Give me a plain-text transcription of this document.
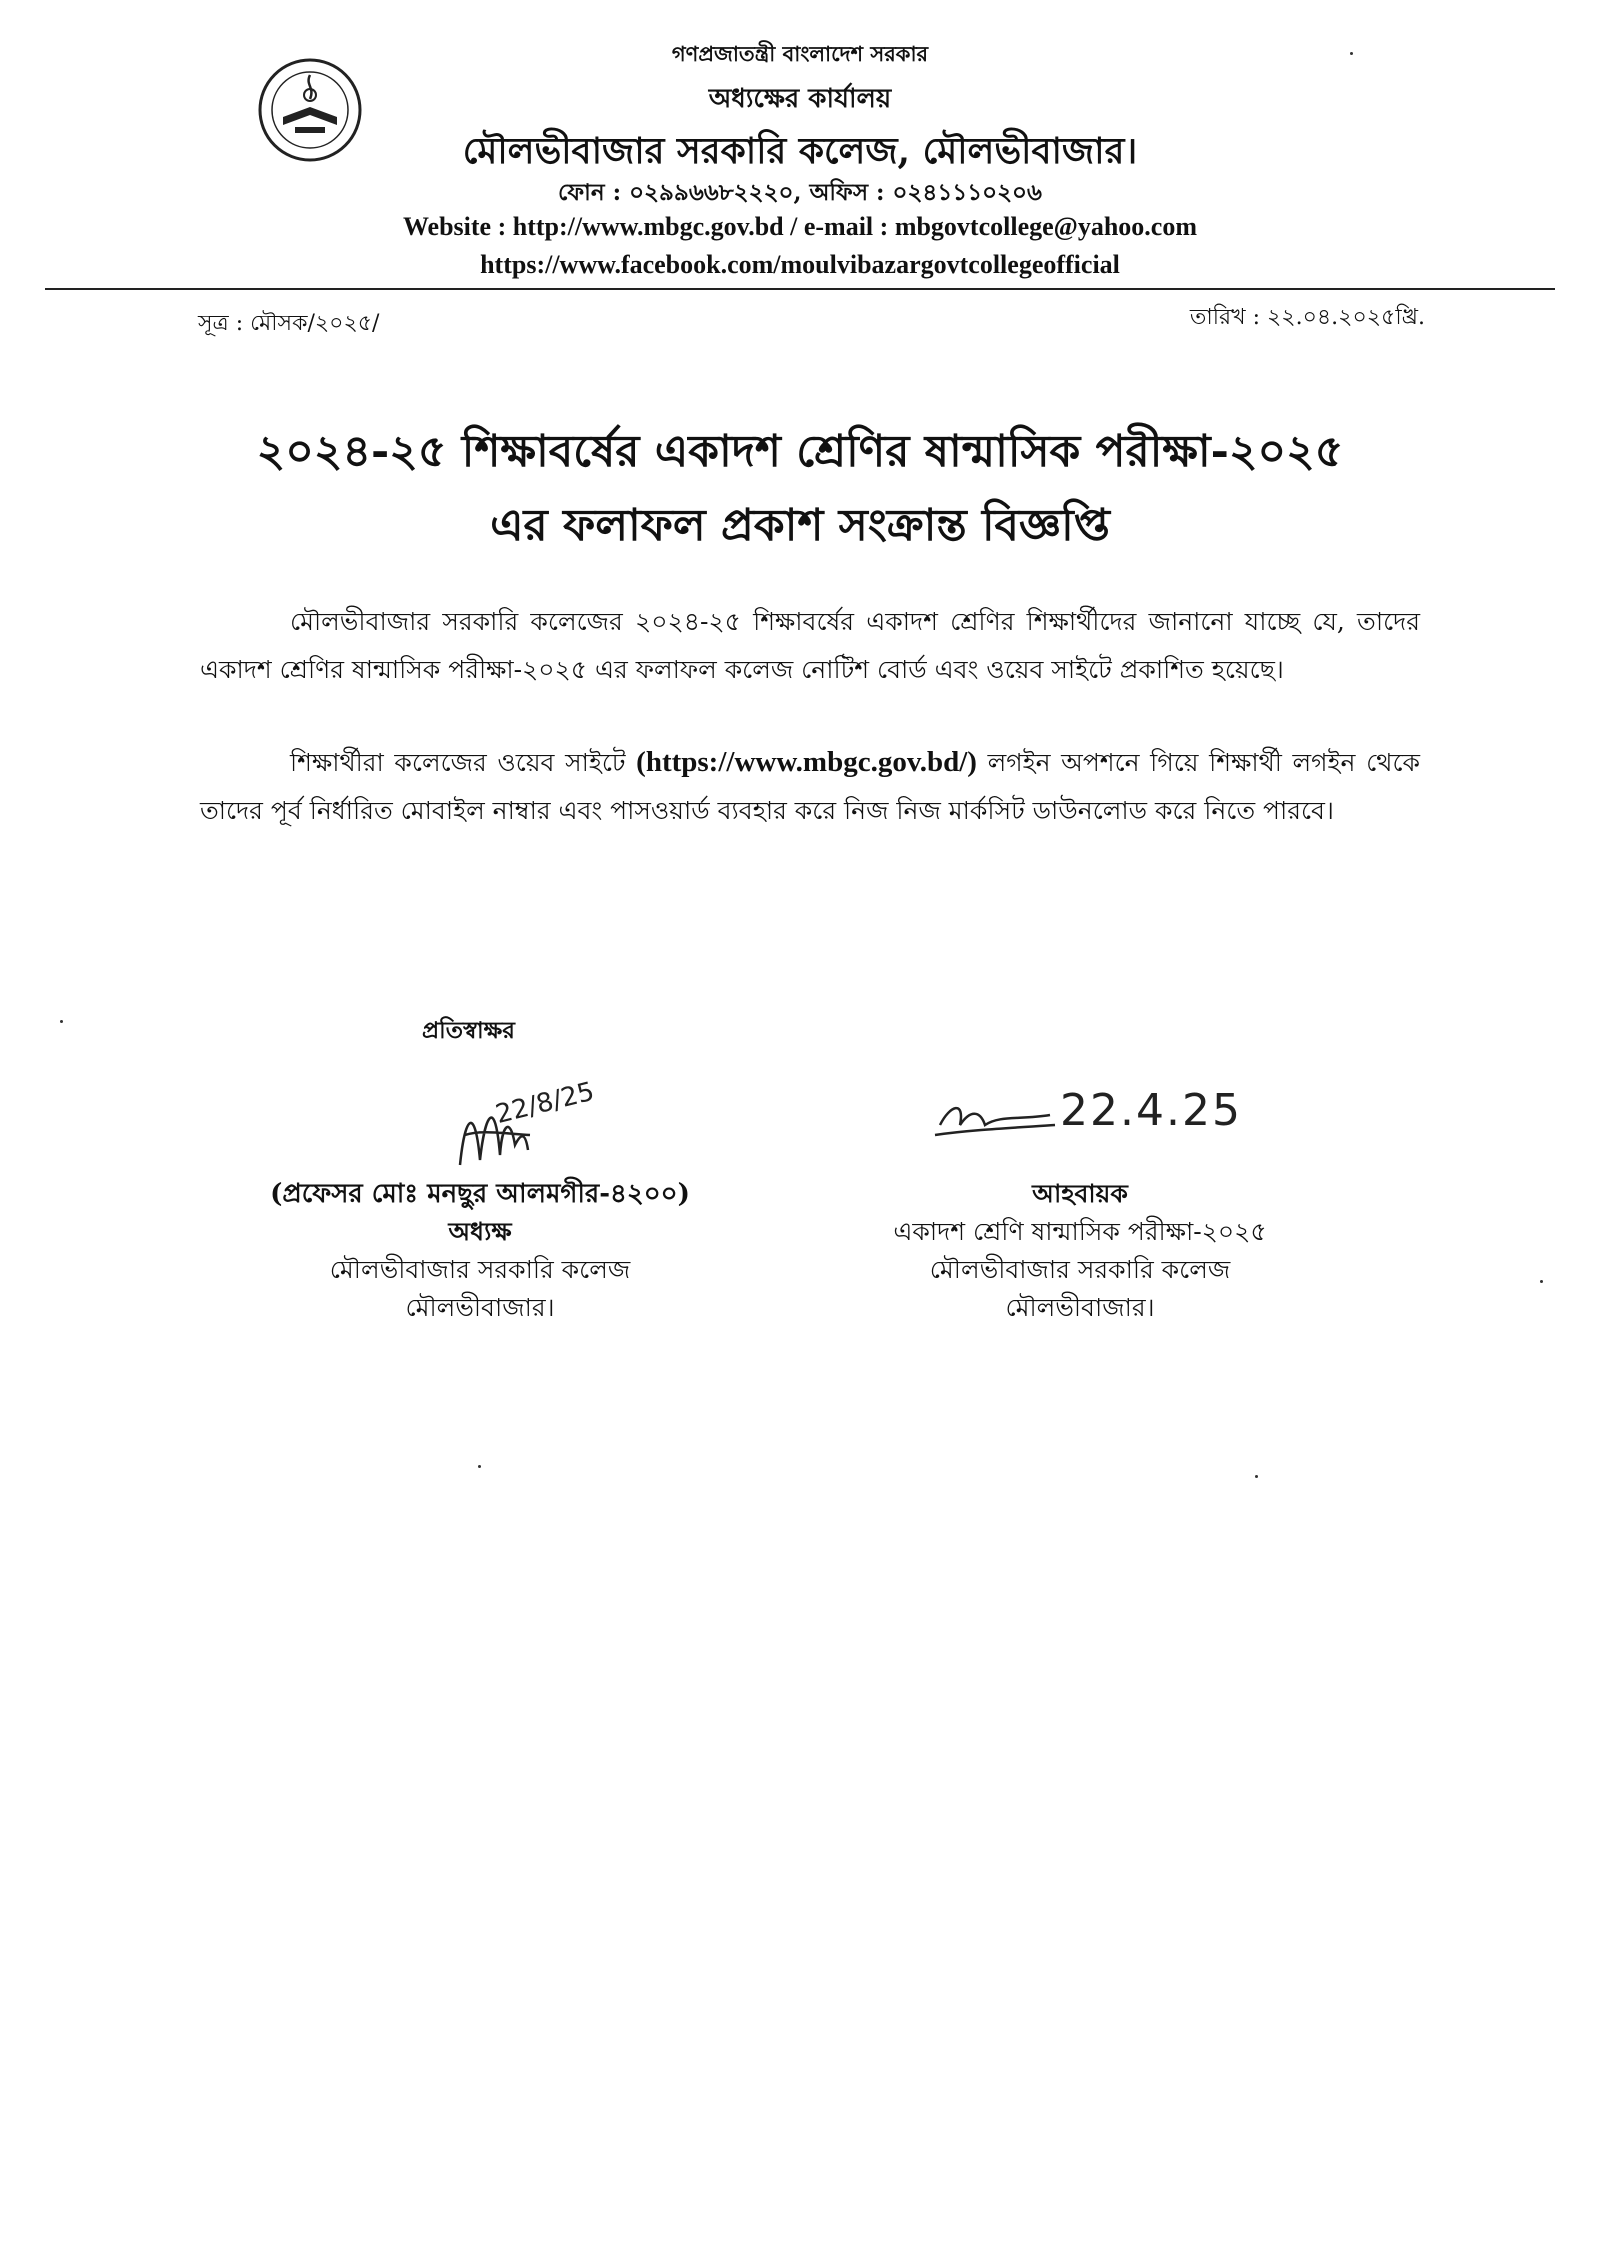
গণপ্রজাতন্ত্রী বাংলাদেশ সরকার
অধ্যক্ষের কার্যালয়
মৌলভীবাজার সরকারি কলেজ, মৌলভীবাজার।
ফোন : ০২৯৯৬৬৮২২২০, অফিস : ০২৪১১১০২০৬
Website : http://www.mbgc.gov.bd / e-mail : mbgovtcollege@yahoo.com
https://www.facebook.com/moulvibazargovtcollegeofficial
সূত্র : মৌসক/২০২৫/	তারিখ : ২২.০৪.২০২৫খ্রি.
২০২৪-২৫ শিক্ষাবর্ষের একাদশ শ্রেণির ষান্মাসিক পরীক্ষা-২০২৫
এর ফলাফল প্রকাশ সংক্রান্ত বিজ্ঞপ্তি
মৌলভীবাজার সরকারি কলেজের ২০২৪-২৫ শিক্ষাবর্ষের একাদশ শ্রেণির শিক্ষার্থীদের জানানো যাচ্ছে যে, তাদের একাদশ শ্রেণির ষান্মাসিক পরীক্ষা-২০২৫ এর ফলাফল কলেজ নোটিশ বোর্ড এবং ওয়েব সাইটে প্রকাশিত হয়েছে।
শিক্ষার্থীরা কলেজের ওয়েব সাইটে (https://www.mbgc.gov.bd/) লগইন অপশনে গিয়ে শিক্ষার্থী লগইন থেকে তাদের পূর্ব নির্ধারিত মোবাইল নাম্বার এবং পাসওয়ার্ড ব্যবহার করে নিজ নিজ মার্কসিট ডাউনলোড করে নিতে পারবে।
প্রতিস্বাক্ষর
22/8/25	22.4.25
(প্রফেসর মোঃ মনছুর আলমগীর-৪২০০)
অধ্যক্ষ
মৌলভীবাজার সরকারি কলেজ
মৌলভীবাজার।
আহবায়ক
একাদশ শ্রেণি ষান্মাসিক পরীক্ষা-২০২৫
মৌলভীবাজার সরকারি কলেজ
মৌলভীবাজার।
